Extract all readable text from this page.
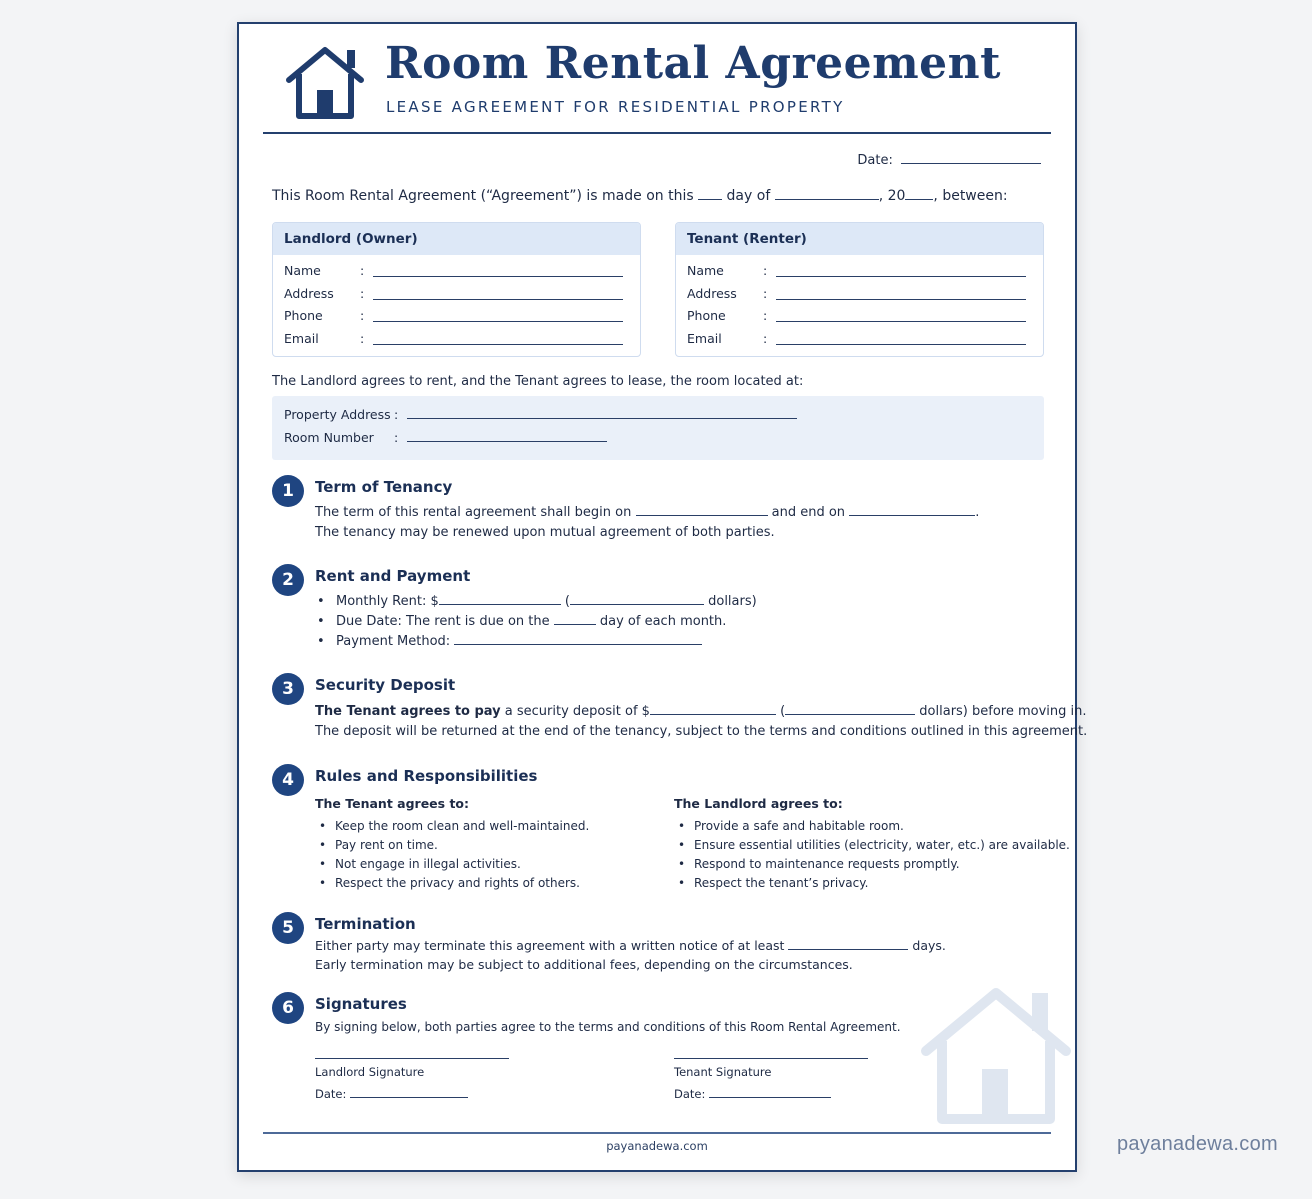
Room Rental Agreement
LEASE AGREEMENT FOR RESIDENTIAL PROPERTY
Date:
This Room Rental Agreement (“Agreement”) is made on this day of	, 20 , between:
Landlord (Owner)
Name	:
Address :
Phone	:
Email	:
Tenant (Renter)
Name	:
Address :
Phone	:
Email	:
The Landlord agrees to rent, and the Tenant agrees to lease, the room located at:
Property Address :
Room Number :
1	Term of Tenancy
The term of this rental agreement shall begin on	and end on	.
The tenancy may be renewed upon mutual agreement of both parties.
2	Rent and Payment
• Monthly Rent: $	(	dollars)
• Due Date: The rent is due on the	day of each month.
• Payment Method:
3	Security Deposit
The Tenant agrees to pay a security deposit of $	(	dollars) before moving in.
The deposit will be returned at the end of the tenancy, subject to the terms and conditions outlined in this agreement.
4	Rules and Responsibilities
The Tenant agrees to:
• Keep the room clean and well-maintained.
• Pay rent on time.
• Not engage in illegal activities.
• Respect the privacy and rights of others.
The Landlord agrees to:
• Provide a safe and habitable room.
• Ensure essential utilities (electricity, water, etc.) are available.
• Respond to maintenance requests promptly.
• Respect the tenant’s privacy.
5	Termination
Either party may terminate this agreement with a written notice of at least	days.
Early termination may be subject to additional fees, depending on the circumstances.
6	Signatures
By signing below, both parties agree to the terms and conditions of this Room Rental Agreement.
Landlord Signature
Date:
Tenant Signature
Date:
payanadewa.com	payanadewa.com
